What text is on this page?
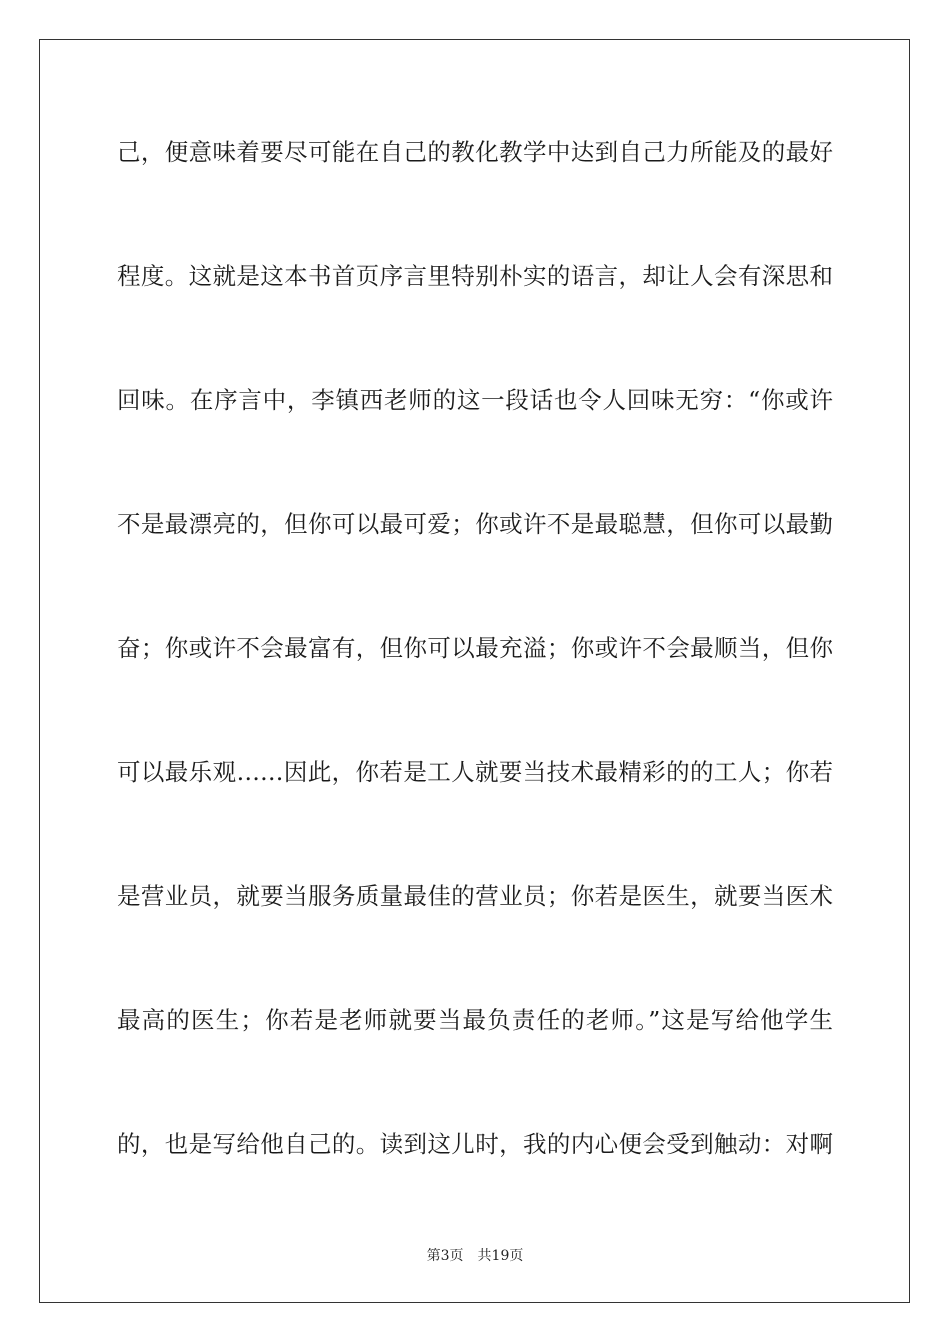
己，便意味着要尽可能在自己的教化教学中达到自己力所能及的最好
程度。这就是这本书首页序言里特别朴实的语言，却让人会有深思和
回味。在序言中，李镇西老师的这一段话也令人回味无穷：“你或许
不是最漂亮的，但你可以最可爱；你或许不是最聪慧，但你可以最勤
奋；你或许不会最富有，但你可以最充溢；你或许不会最顺当，但你
可以最乐观……因此，你若是工人就要当技术最精彩的的工人；你若
是营业员，就要当服务质量最佳的营业员；你若是医生，就要当医术
最高的医生；你若是老师就要当最负责任的老师。”这是写给他学生
的，也是写给他自己的。读到这儿时，我的内心便会受到触动：对啊
第3页 共19页
